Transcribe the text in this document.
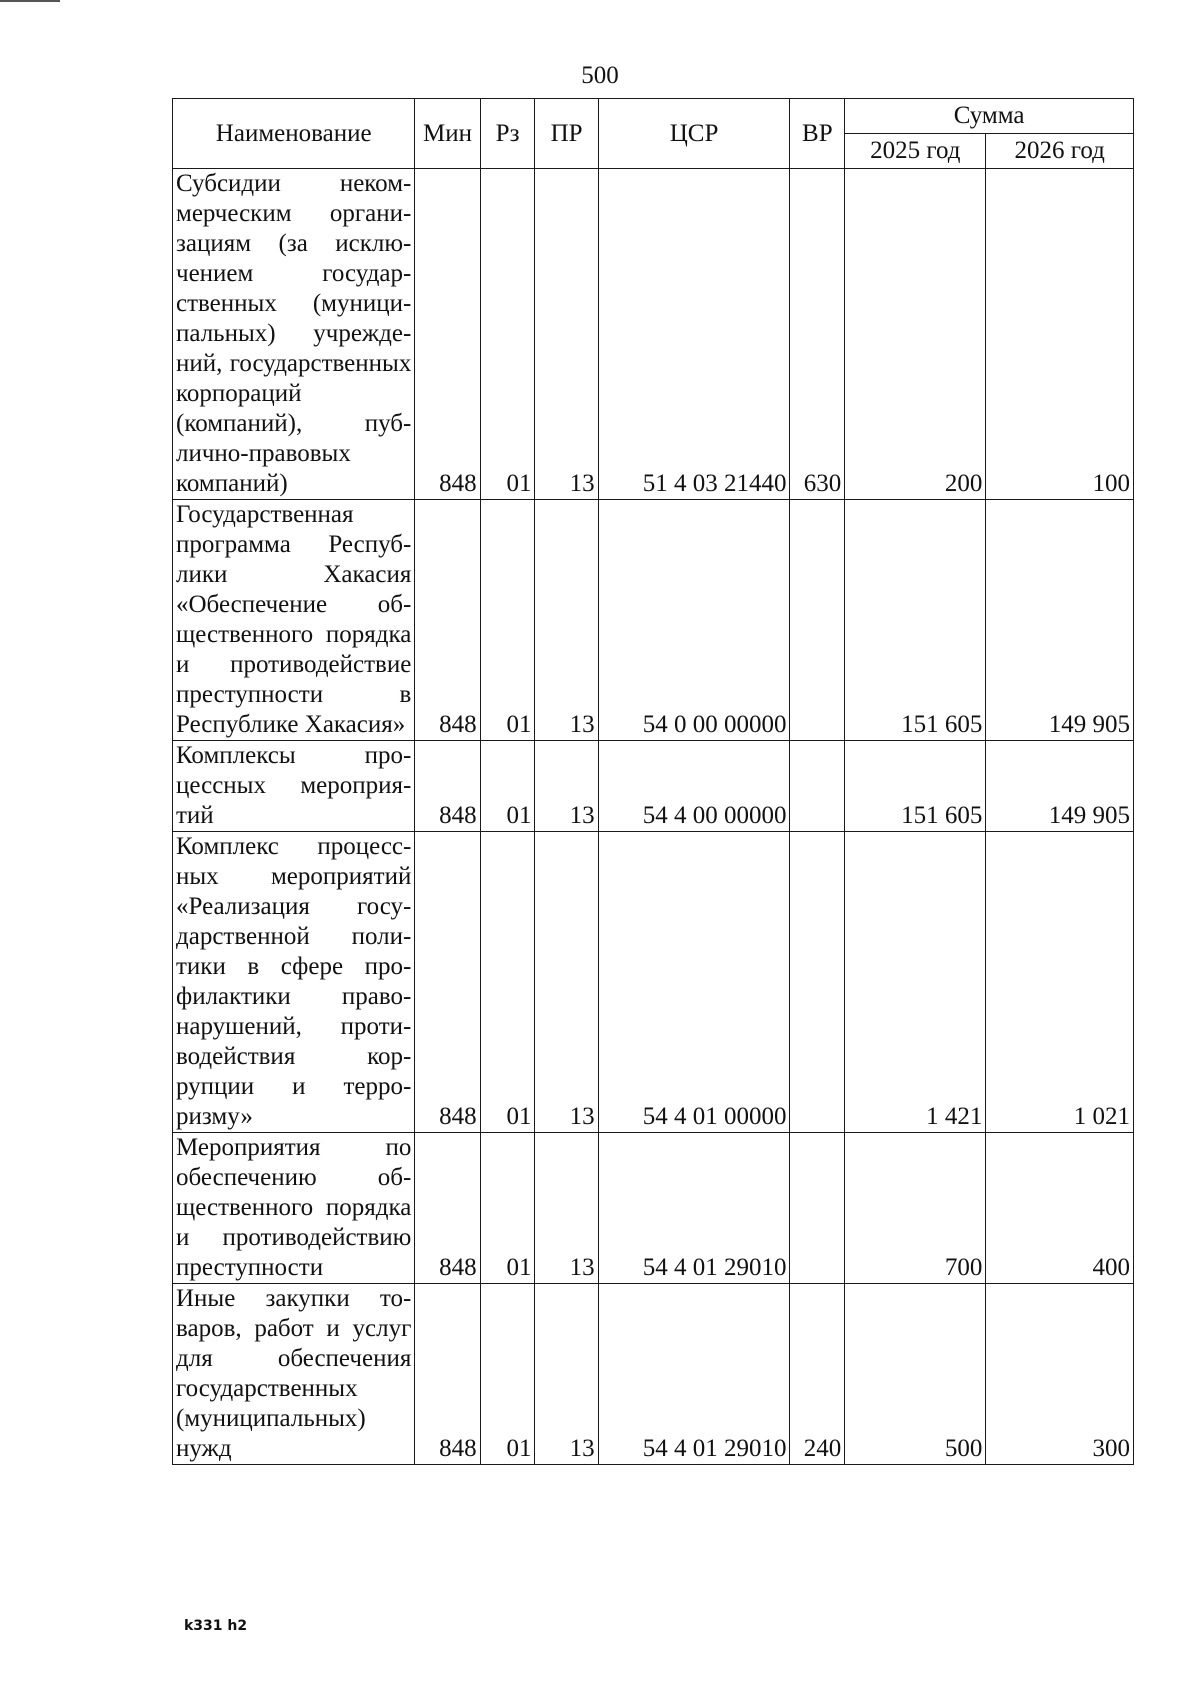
500
Наименование	Мин	Рз	ПР	ЦСР	ВР	Сумма	
						2025 год	2026 год
Субсидии некоммерческим организациям (за исключением государственных (муниципальных) учреждений, государственных корпораций (компаний), публично-правовых компаний)	848	01	13	51 4 03 21440	630	200	100
Государственная программа Республики Хакасия «Обеспечение общественного порядка и противодействие преступности в Республике Хакасия»	848	01	13	54 0 00 00000		151 605	149 905
Комплексы процессных мероприятий	848	01	13	54 4 00 00000		151 605	149 905
Комплекс процессных мероприятий «Реализация государственной политики в сфере профилактики правонарушений, противодействия коррупции и терроризму»	848	01	13	54 4 01 00000		1 421	1 021
Мероприятия по обеспечению общественного порядка и противодействию преступности	848	01	13	54 4 01 29010		700	400
Иные закупки товаров, работ и услуг для обеспечения государственных (муниципальных) нужд	848	01	13	54 4 01 29010	240	500	300
k331 h2
